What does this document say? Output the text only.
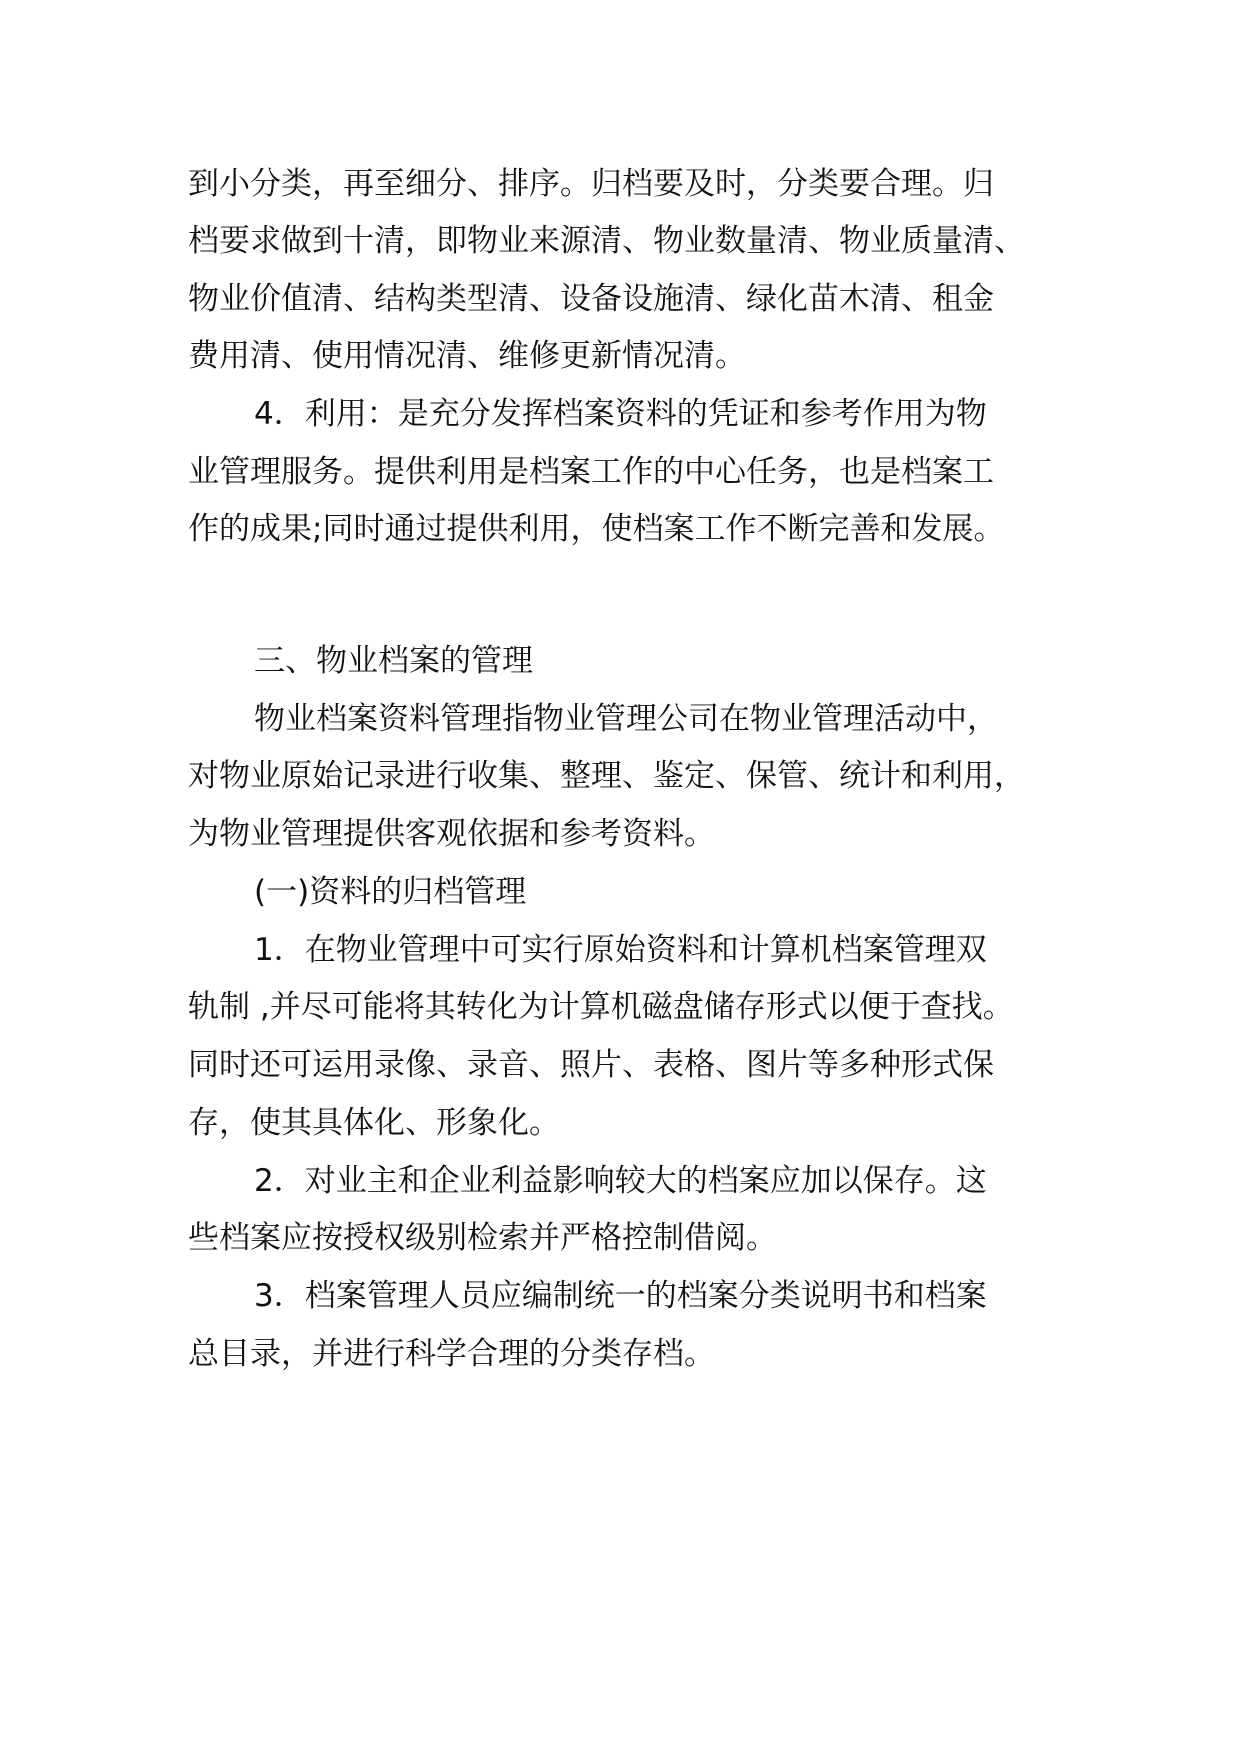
到小分类，再至细分、排序。归档要及时，分类要合理。归
档要求做到十清，即物业来源清、物业数量清、物业质量清、
物业价值清、结构类型清、设备设施清、绿化苗木清、租金
费用清、使用情况清、维修更新情况清。
4．利用：是充分发挥档案资料的凭证和参考作用为物
业管理服务。提供利用是档案工作的中心任务，也是档案工
作的成果;同时通过提供利用，使档案工作不断完善和发展。
三、物业档案的管理
物业档案资料管理指物业管理公司在物业管理活动中，
对物业原始记录进行收集、整理、鉴定、保管、统计和利用，
为物业管理提供客观依据和参考资料。
(一)资料的归档管理
1．在物业管理中可实行原始资料和计算机档案管理双
轨制 ,并尽可能将其转化为计算机磁盘储存形式以便于查找。
同时还可运用录像、录音、照片、表格、图片等多种形式保
存，使其具体化、形象化。
2．对业主和企业利益影响较大的档案应加以保存。这
些档案应按授权级别检索并严格控制借阅。
3．档案管理人员应编制统一的档案分类说明书和档案
总目录，并进行科学合理的分类存档。
